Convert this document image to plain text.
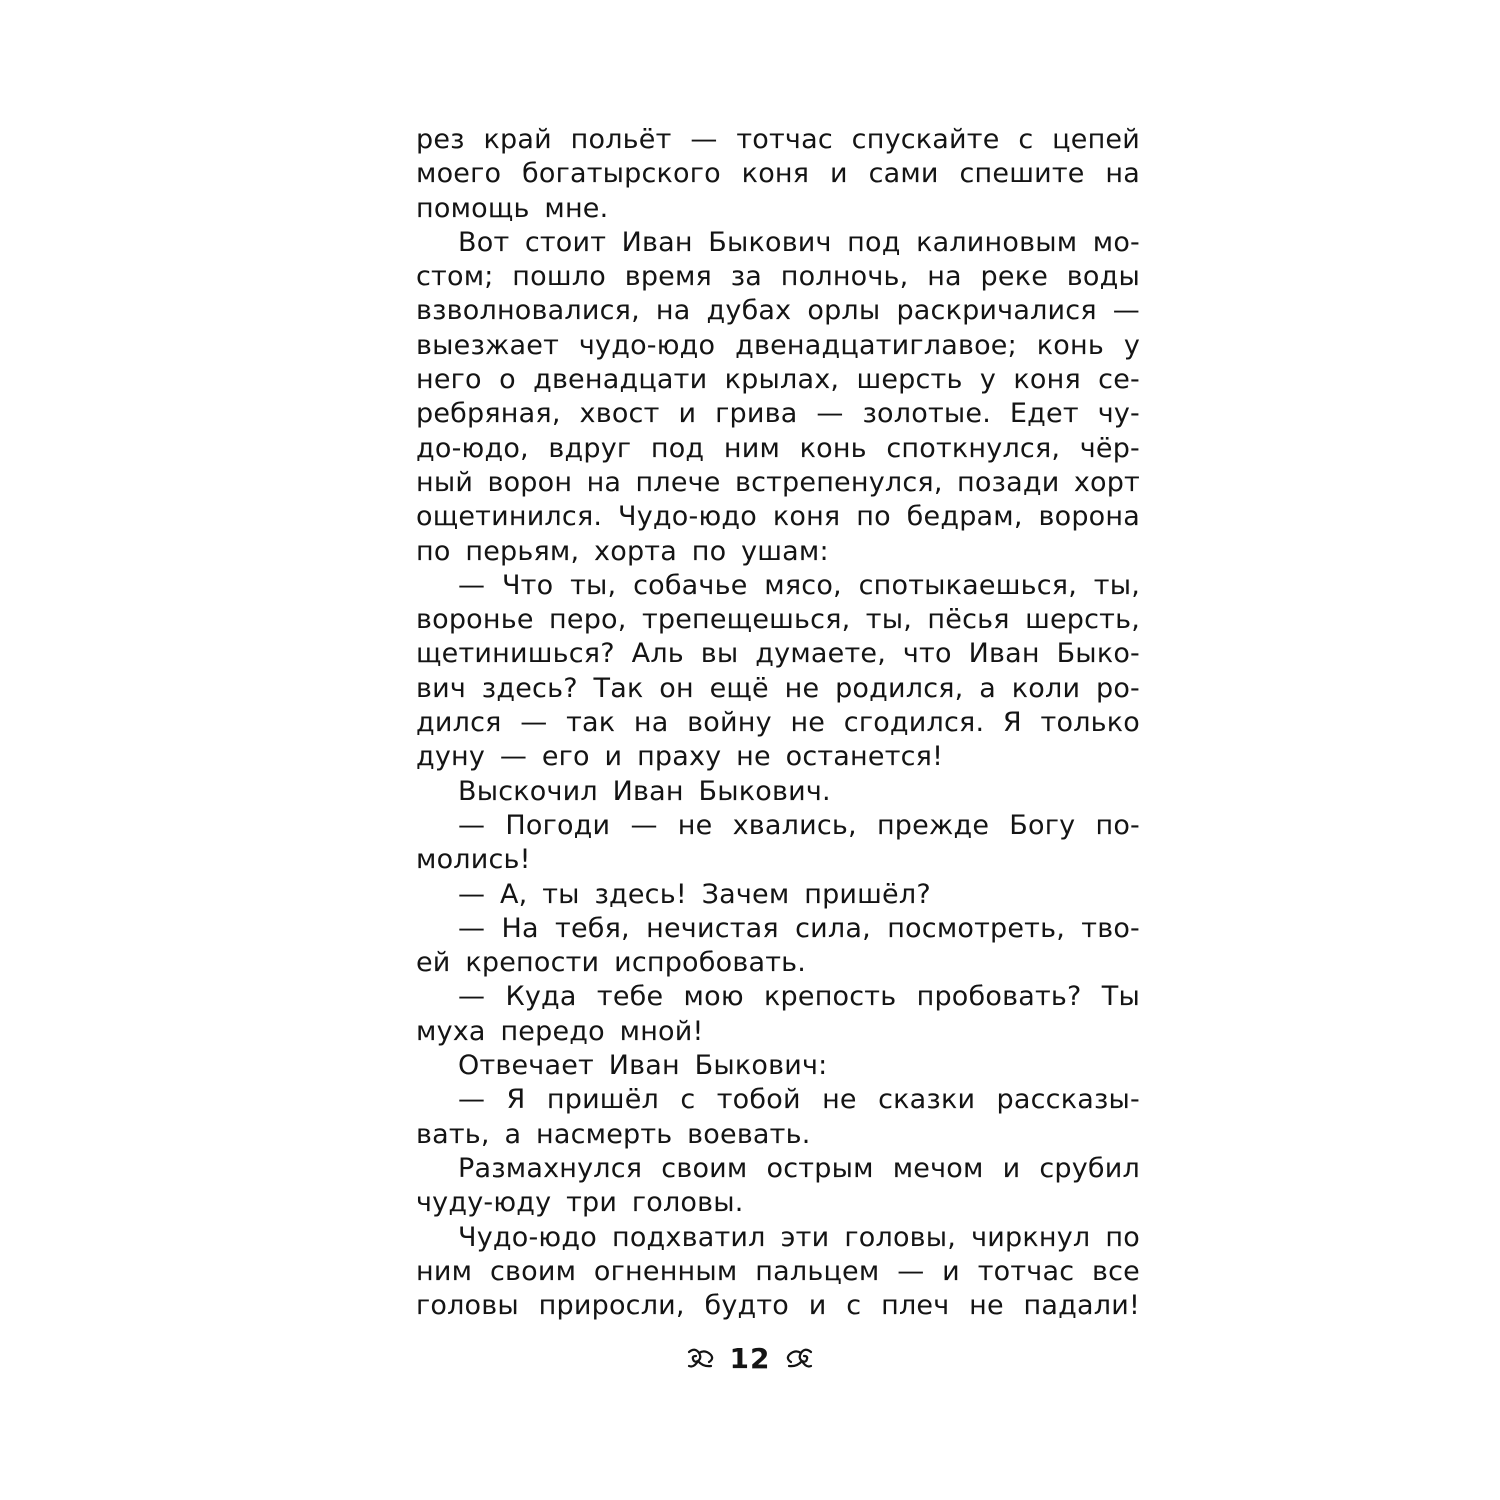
рез край польёт — тотчас спускайте с цепей
моего богатырского коня и сами спешите на
помощь мне.
Вот стоит Иван Быкович под калиновым мо-
стом; пошло время за полночь, на реке воды
взволновалися, на дубах орлы раскричалися —
выезжает чудо-юдо двенадцатиглавое; конь у
него о двенадцати крылах, шерсть у коня се-
ребряная, хвост и грива — золотые. Едет чу-
до-юдо, вдруг под ним конь споткнулся, чёр-
ный ворон на плече встрепенулся, позади хорт
ощетинился. Чудо-юдо коня по бедрам, ворона
по перьям, хорта по ушам:
— Что ты, собачье мясо, спотыкаешься, ты,
воронье перо, трепещешься, ты, пёсья шерсть,
щетинишься? Аль вы думаете, что Иван Быко-
вич здесь? Так он ещё не родился, а коли ро-
дился — так на войну не сгодился. Я только
дуну — его и праху не останется!
Выскочил Иван Быкович.
— Погоди — не хвались, прежде Богу по-
молись!
— А, ты здесь! Зачем пришёл?
— На тебя, нечистая сила, посмотреть, тво-
ей крепости испробовать.
— Куда тебе мою крепость пробовать? Ты
муха передо мной!
Отвечает Иван Быкович:
— Я пришёл с тобой не сказки рассказы-
вать, а насмерть воевать.
Размахнулся своим острым мечом и срубил
чуду-юду три головы.
Чудо-юдо подхватил эти головы, чиркнул по
ним своим огненным пальцем — и тотчас все
головы приросли, будто и с плеч не падали!
12
